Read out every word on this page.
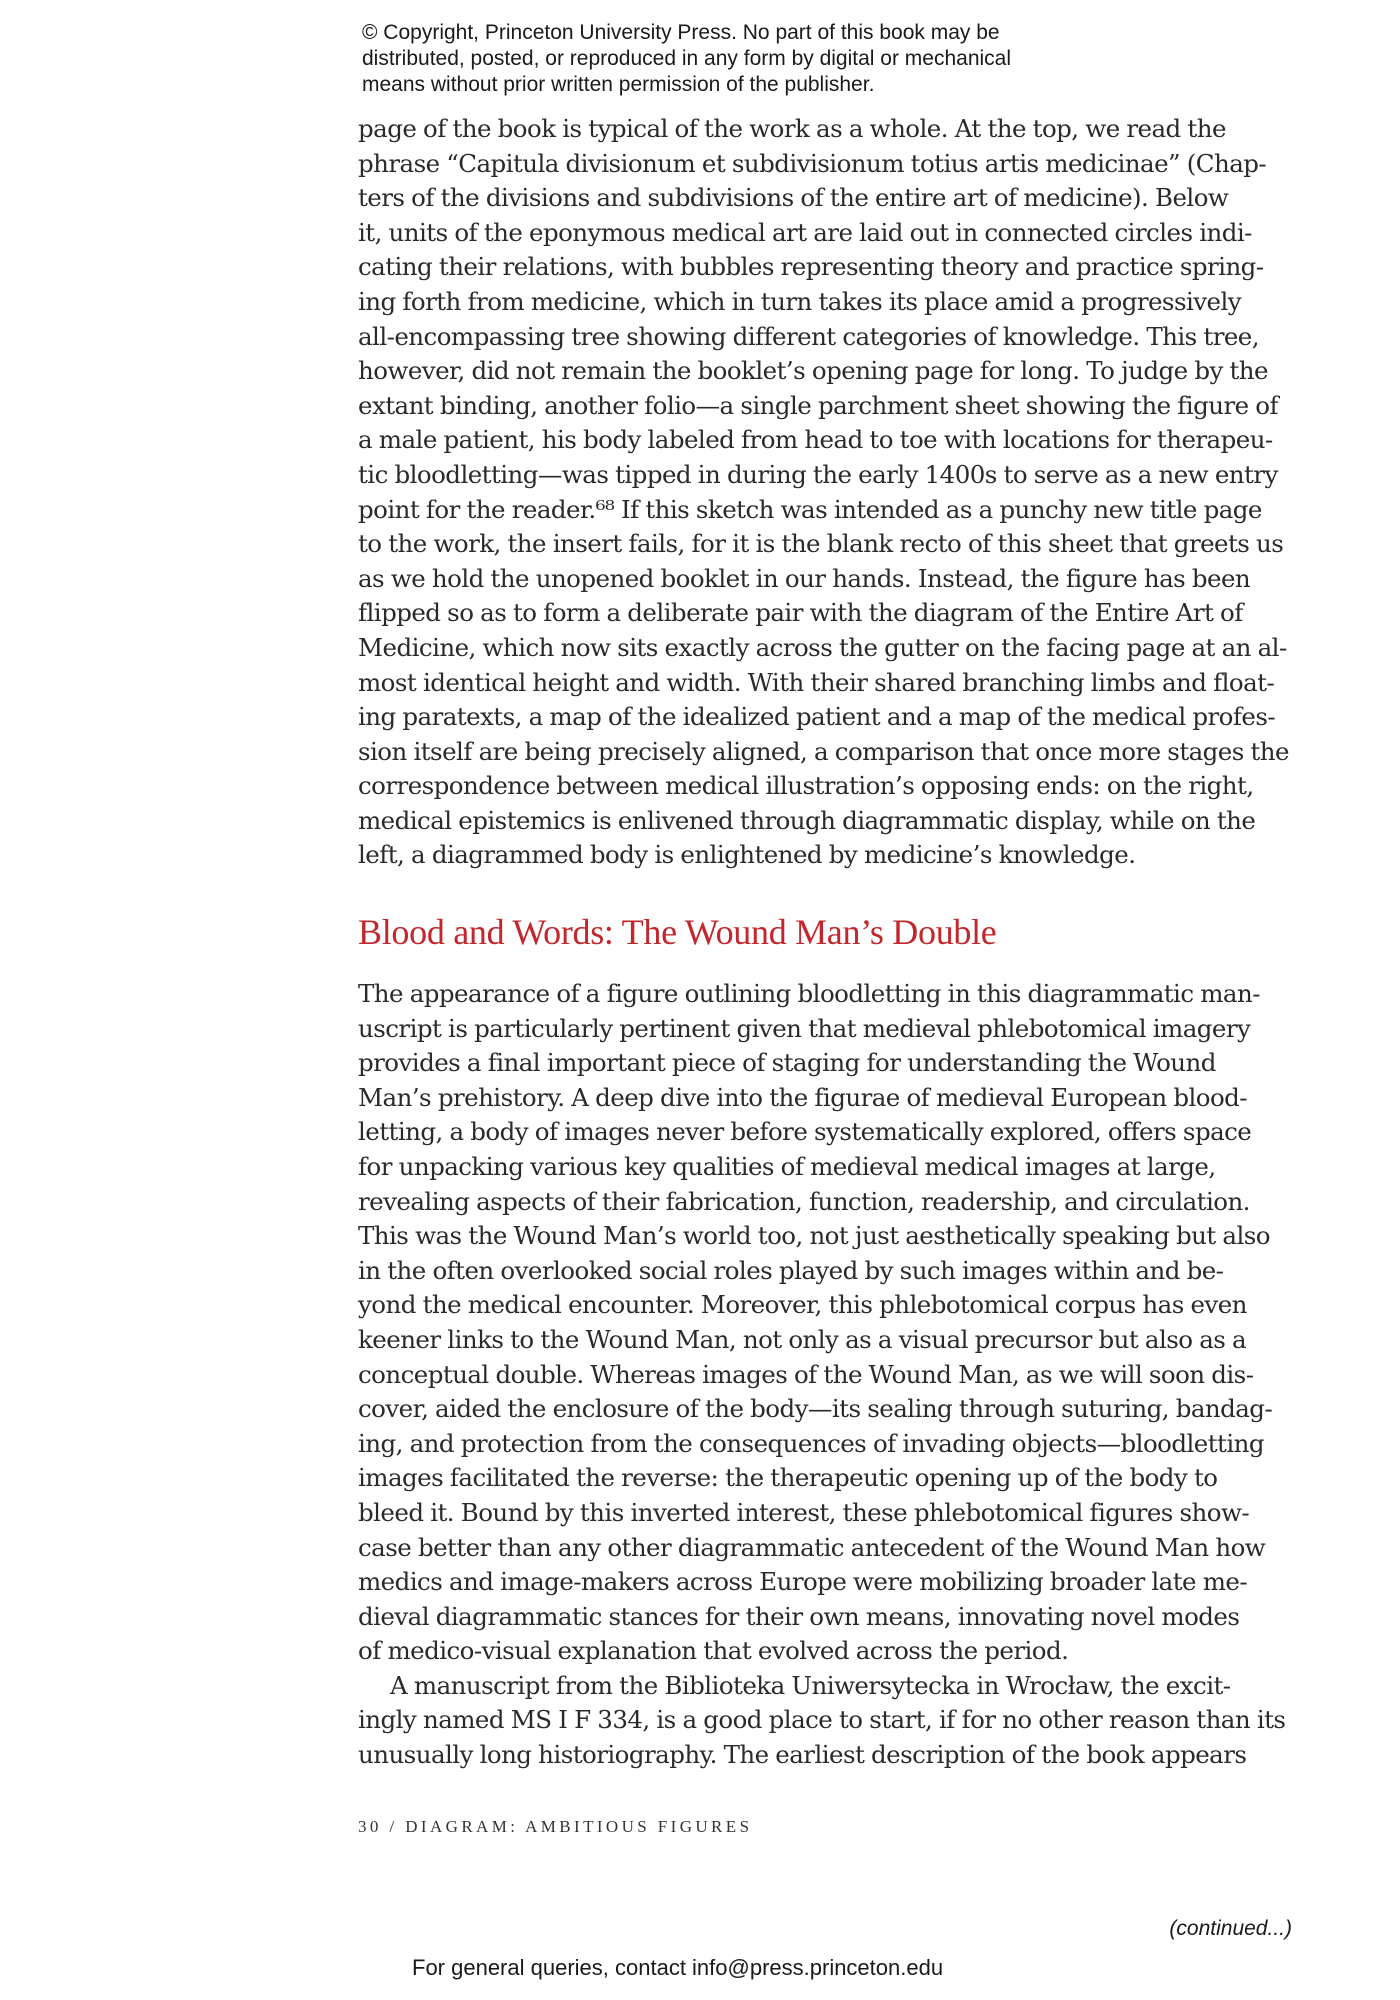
© Copyright, Princeton University Press. No part of this book may be
distributed, posted, or reproduced in any form by digital or mechanical
means without prior written permission of the publisher.
page of the book is typical of the work as a whole. At the top, we read the
phrase “Capitula divisionum et subdivisionum totius artis medicinae” (Chap-
ters of the divisions and subdivisions of the entire art of medicine). Below
it, units of the eponymous medical art are laid out in connected circles indi-
cating their relations, with bubbles representing theory and practice spring-
ing forth from medicine, which in turn takes its place amid a progressively
all-encompassing tree showing different categories of knowledge. This tree,
however, did not remain the booklet’s opening page for long. To judge by the
extant binding, another folio—a single parchment sheet showing the figure of
a male patient, his body labeled from head to toe with locations for therapeu-
tic bloodletting—was tipped in during the early 1400s to serve as a new entry
point for the reader.⁶⁸ If this sketch was intended as a punchy new title page
to the work, the insert fails, for it is the blank recto of this sheet that greets us
as we hold the unopened booklet in our hands. Instead, the figure has been
flipped so as to form a deliberate pair with the diagram of the Entire Art of
Medicine, which now sits exactly across the gutter on the facing page at an al-
most identical height and width. With their shared branching limbs and float-
ing paratexts, a map of the idealized patient and a map of the medical profes-
sion itself are being precisely aligned, a comparison that once more stages the
correspondence between medical illustration’s opposing ends: on the right,
medical epistemics is enlivened through diagrammatic display, while on the
left, a diagrammed body is enlightened by medicine’s knowledge.
Blood and Words: The Wound Man’s Double
The appearance of a figure outlining bloodletting in this diagrammatic man-
uscript is particularly pertinent given that medieval phlebotomical imagery
provides a final important piece of staging for understanding the Wound
Man’s prehistory. A deep dive into the figurae of medieval European blood-
letting, a body of images never before systematically explored, offers space
for unpacking various key qualities of medieval medical images at large,
revealing aspects of their fabrication, function, readership, and circulation.
This was the Wound Man’s world too, not just aesthetically speaking but also
in the often overlooked social roles played by such images within and be-
yond the medical encounter. Moreover, this phlebotomical corpus has even
keener links to the Wound Man, not only as a visual precursor but also as a
conceptual double. Whereas images of the Wound Man, as we will soon dis-
cover, aided the enclosure of the body—its sealing through suturing, bandag-
ing, and protection from the consequences of invading objects—bloodletting
images facilitated the reverse: the therapeutic opening up of the body to
bleed it. Bound by this inverted interest, these phlebotomical figures show-
case better than any other diagrammatic antecedent of the Wound Man how
medics and image-makers across Europe were mobilizing broader late me-
dieval diagrammatic stances for their own means, innovating novel modes
of medico-visual explanation that evolved across the period.
A manuscript from the Biblioteka Uniwersytecka in Wrocław, the excit-
ingly named MS I F 334, is a good place to start, if for no other reason than its
unusually long historiography. The earliest description of the book appears
30 / DIAGRAM: AMBITIOUS FIGURES
(continued...)
For general queries, contact info@press.princeton.edu
